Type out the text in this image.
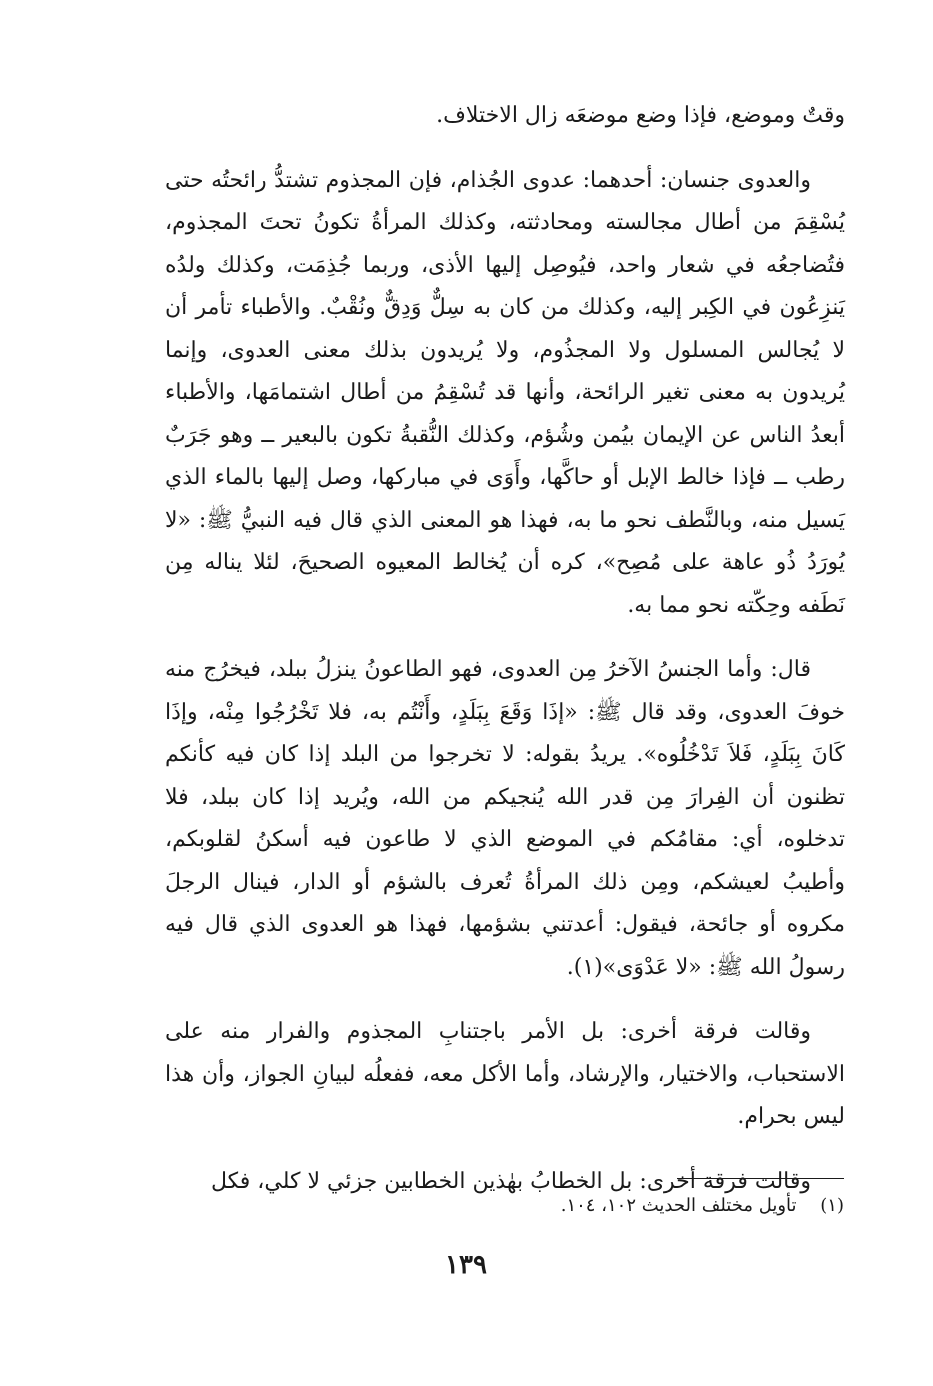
وقتٌ وموضع، فإذا وضع موضعَه زال الاختلاف.

والعدوى جنسان: أحدهما: عدوى الجُذام، فإن المجذوم تشتدُّ رائحتُه حتى يُسْقِمَ من أطال مجالسته ومحادثته، وكذلك المرأةُ تكونُ تحتَ المجذوم، فتُضاجعُه في شعار واحد، فيُوصِل إليها الأذى، وربما جُذِمَت، وكذلك ولدُه يَنزِعُون في الكِبر إليه، وكذلك من كان به سِلٌّ وَدِقٌّ ونُقْبٌ. والأطباء تأمر أن لا يُجالس المسلول ولا المجذُوم، ولا يُريدون بذلك معنى العدوى، وإنما يُريدون به معنى تغير الرائحة، وأنها قد تُسْقِمُ من أطال اشتمامَها، والأطباء أبعدُ الناس عن الإيمان بيُمن وشُؤم، وكذلك النُّقبةُ تكون بالبعير ــ وهو جَرَبٌ رطب ــ فإذا خالط الإبل أو حاكَّها، وأَوَى في مباركها، وصل إليها بالماء الذي يَسيل منه، وبالنَّطف نحو ما به، فهذا هو المعنى الذي قال فيه النبيُّ ﷺ: «لا يُورَدُ ذُو عاهة على مُصِح»، كره أن يُخالط المعيوه الصحيحَ، لئلا يناله مِن نَطَفه وحِكّته نحو مما به.

قال: وأما الجنسُ الآخرُ مِن العدوى، فهو الطاعونُ ينزلُ ببلد، فيخرُج منه خوفَ العدوى، وقد قال ﷺ: «إذَا وَقَعَ بِبَلَدٍ، وأَنْتُم به، فلا تَخْرُجُوا مِنْه، وإذَا كَانَ بِبَلَدٍ، فَلاَ تَدْخُلُوه». يريدُ بقوله: لا تخرجوا من البلد إذا كان فيه كأنكم تظنون أن الفِرارَ مِن قدر الله يُنجيكم من الله، ويُريد إذا كان ببلد، فلا تدخلوه، أي: مقامُكم في الموضع الذي لا طاعون فيه أسكنُ لقلوبكم، وأطيبُ لعيشكم، ومِن ذلك المرأةُ تُعرف بالشؤم أو الدار، فينال الرجلَ مكروه أو جائحة، فيقول: أعدتني بشؤمها، فهذا هو العدوى الذي قال فيه رسولُ الله ﷺ: «لا عَدْوَى»(١).

وقالت فرقة أخرى: بل الأمر باجتنابِ المجذوم والفرار منه على الاستحباب، والاختيار، والإرشاد، وأما الأكل معه، ففعلُه لبيانِ الجواز، وأن هذا ليس بحرام.

وقالت فرقة أخرى: بل الخطابُ بهٰذين الخطابين جزئي لا كلي، فكل

(١) تأويل مختلف الحديث ١٠٢، ١٠٤.
١٣٩
